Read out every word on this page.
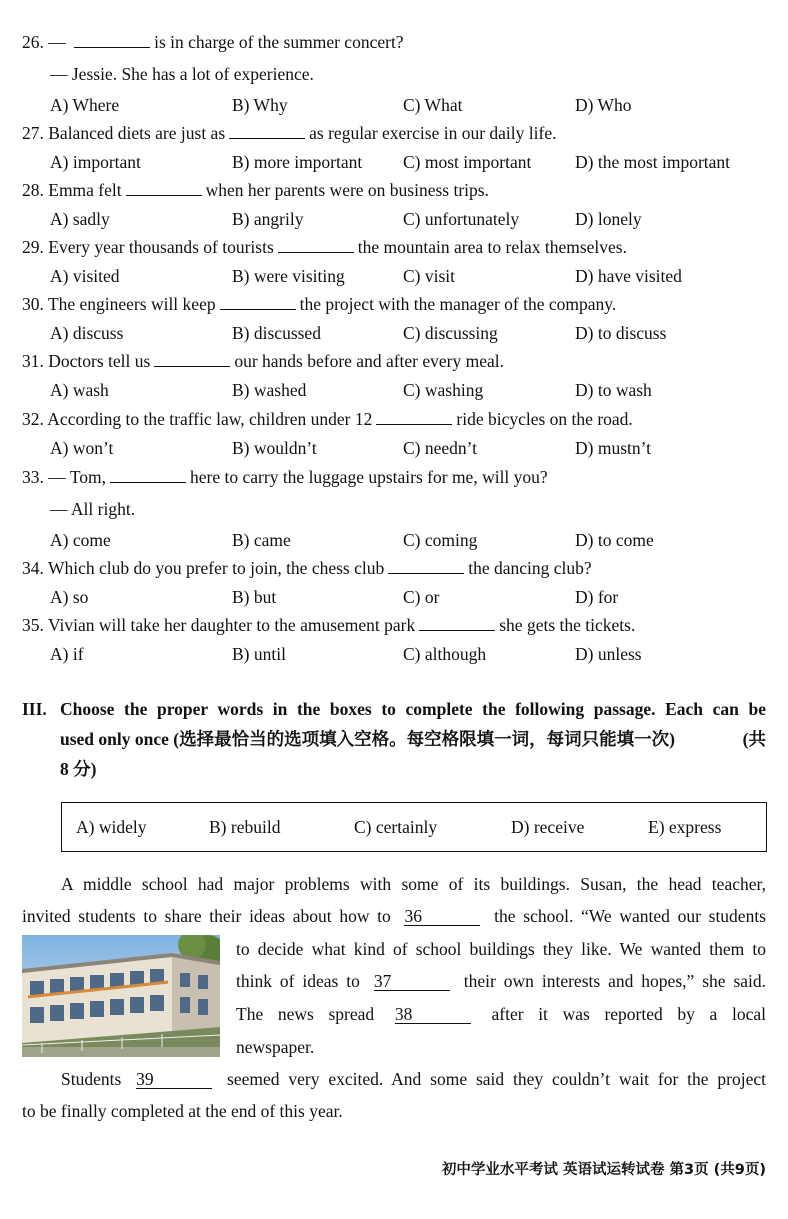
26. —	is in charge of the summer concert?
— Jessie. She has a lot of experience.
A) Where	B) Why	C) What	D) Who
27. Balanced diets are just as	as regular exercise in our daily life.
A) important	B) more important C) most important D) the most important
28. Emma felt	when her parents were on business trips.
A) sadly	B) angrily	C) unfortunately	D) lonely
29. Every year thousands of tourists	the mountain area to relax themselves.
A) visited	B) were visiting	C) visit	D) have visited
30. The engineers will keep	the project with the manager of the company.
A) discuss	B) discussed	C) discussing	D) to discuss
31. Doctors tell us	our hands before and after every meal.
A) wash	B) washed	C) washing	D) to wash
32. According to the traffic law, children under 12	ride bicycles on the road.
A) won’t	B) wouldn’t	C) needn’t	D) mustn’t
33. — Tom,	here to carry the luggage upstairs for me, will you?
— All right.
A) come	B) came	C) coming	D) to come
34. Which club do you prefer to join, the chess club	the dancing club?
A) so	B) but	C) or	D) for
35. Vivian will take her daughter to the amusement park	she gets the tickets.
A) if	B) until	C) although	D) unless
III. Choose the proper words in the boxes to complete the following passage. Each can be
used only once (选择最恰当的选项填入空格。每空格限填一词，每词只能填一次)	(共
8 分)
A) widely	B) rebuild	C) certainly	D) receive	E) express
A middle school had major problems with some of its buildings. Susan, the head teacher,
invited students to share their ideas about how to 36	the school. “We wanted our students
to decide what kind of school buildings they like. We wanted them to
think of ideas to 37	their own interests and hopes,” she said.
The news spread 38	after it was reported by a local
newspaper.
Students 39	seemed very excited. And some said they couldn’t wait for the project
to be finally completed at the end of this year.
初中学业水平考试 英语试运转试卷 第3页 (共9页)
